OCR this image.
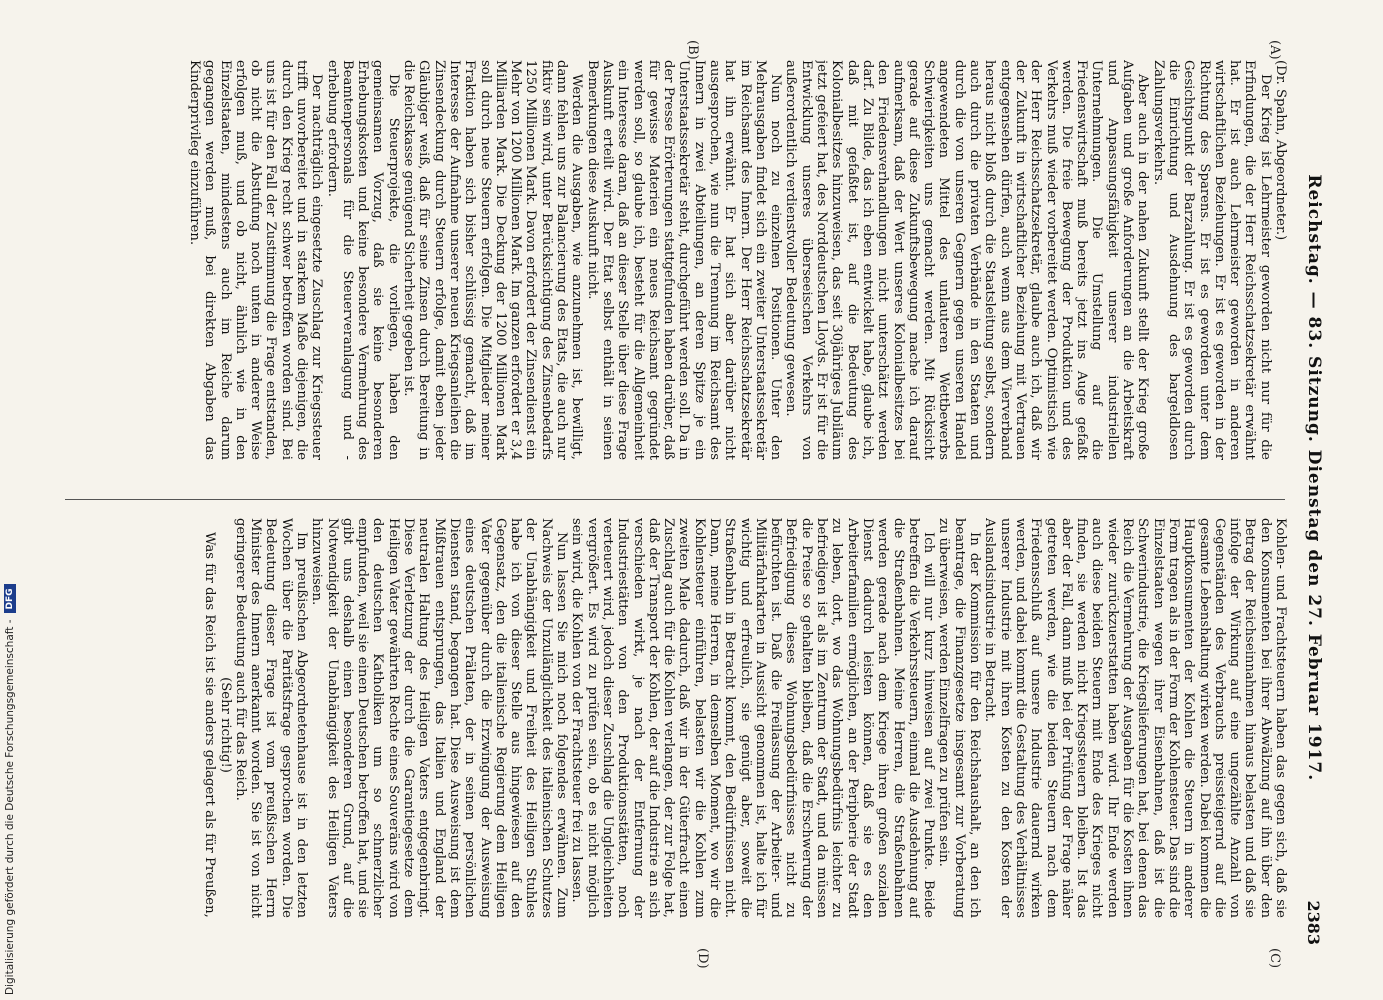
Reichstag. — 83. Sitzung. Dienstag den 27. Februar 1917.
2383
(A)
(B)
(C)
(D)

(Dr. Spahn, Abgeordneter.)

Der Krieg ist Lehrmeister geworden nicht nur für die Erfindungen, die der Herr Reichsschatzsekretär erwähnt hat. Er ist auch Lehrmeister geworden in anderen wirtschaftlichen Beziehungen. Er ist es geworden in der Richtung des Sparens. Er ist es geworden unter dem Gesichtspunkt der Barzahlung. Er ist es geworden durch die Einrichtung und Ausdehnung des bargeldlosen Zahlungsverkehrs.

Aber auch in der nahen Zukunft stellt der Krieg große Aufgaben und große Anforderungen an die Arbeitskraft und Anpassungsfähigkeit unserer industriellen Unternehmungen. Die Umstellung auf die Friedenswirtschaft muß bereits jetzt ins Auge gefaßt werden. Die freie Bewegung der Produktion und des Verkehrs muß wieder vorbereitet werden. Optimistisch wie der Herr Reichsschatzsekretär, glaube auch ich, daß wir der Zukunft in wirtschaftlicher Beziehung mit Vertrauen entgegensehen dürfen, auch wenn aus dem Vierverband heraus nicht bloß durch die Staatsleitung selbst, sondern auch durch die privaten Verbände in den Staaten und durch die von unseren Gegnern gegen unseren Handel angewendeten Mittel des unlauteren Wettbewerbs Schwierigkeiten uns gemacht werden. Mit Rücksicht gerade auf diese Zukunftsbewegung mache ich darauf aufmerksam, daß der Wert unseres Kolonialbesitzes bei den Friedensverhandlungen nicht unterschätzt werden darf. Zu Bilde, das ich eben entwickelt habe, glaube ich, daß mit gefaßtet ist, auf die Bedeutung des Kolonialbesitzes hinzuweisen, das seit 30jähriges Jubiläum jetzt gefeiert hat, des Norddeutschen Lloyds. Er ist für die Entwicklung unseres überseeischen Verkehrs von außerordentlich verdienstvoller Bedeutung gewesen.

Nun noch zu einzelnen Positionen. Unter den Mehrausgaben findet sich ein zweiter Unterstaatssekretär im Reichsamt des Innern. Der Herr Reichsschatzsekretär hat ihn erwähnt. Er hat sich aber darüber nicht ausgesprochen, wie nun die Trennung im Reichsamt des Innern in zwei Abteilungen, an deren Spitze je ein Unterstaatssekretär steht, durchgeführt werden soll. Da in der Presse Erörterungen stattgefunden haben darüber, daß für gewisse Materien ein neues Reichsamt gegründet werden soll, so glaube ich, besteht für die Allgemeinheit ein Interesse daran, daß an dieser Stelle über diese Frage Auskunft erteilt wird. Der Etat selbst enthält in seinen Bemerkungen diese Auskunft nicht.

Werden die Ausgaben, wie anzunehmen ist, bewilligt, dann fehlen uns zur Balancierung des Etats, die auch nur fiktiv sein wird, unter Berücksichtigung des Zinsenbedarfs 1250 Millionen Mark. Davon erfordert der Zinsendienst ein Mehr von 1200 Millionen Mark. Im ganzen erfordert er 3,4 Milliarden Mark. Die Deckung der 1200 Millionen Mark soll durch neue Steuern erfolgen. Die Mitglieder meiner Fraktion haben sich bisher schlüssig gemacht, daß im Interesse der Aufnahme unserer neuen Kriegsanleihen die Zinsendeckung durch Steuern erfolge, damit eben jeder Gläubiger weiß, daß für seine Zinsen durch Bereitung in die Reichskasse genügend Sicherheit gegeben ist.

Die Steuerprojekte, die vorliegen, haben den gemeinsamen Vorzug, daß sie keine besonderen Erhebungskosten und keine besondere Vermehrung des Beamtenpersonals für die Steuerveranlagung und -erhebung erfordern.

Der nachträglich eingesetzte Zuschlag zur Kriegssteuer trifft unvorbereitet und in starkem Maße diejenigen, die durch den Krieg recht schwer betroffen worden sind. Bei uns ist für den Fall der Zustimmung die Frage entstanden, ob nicht die Abstufung noch unten in anderer Weise erfolgen muß, und ob nicht, ähnlich wie in den Einzelstaaten, mindestens auch im Reiche darum gegangen werden muß, bei direkten Abgaben das Kinderprivileg einzuführen.

Kohlen- und Frachtsteuern haben das gegen sich, daß sie den Konsumenten bei ihrer Abwälzung auf ihn über den Betrag der Reichseinnahmen hinaus belasten und daß sie infolge der Wirkung auf eine ungezählte Anzahl von Gegenständen des Verbrauchs preissteigernd auf die gesamte Lebenshaltung wirken werden. Dabei kommen die Hauptkonsumenten der Kohlen die Steuern in anderer Form tragen als in der Form der Kohlensteuer. Das sind die Einzelstaaten wegen ihrer Eisenbahnen, daß ist die Schwerindustrie, die Kriegslieferungen hat, bei denen das Reich die Vermehrung der Ausgaben für die Kosten ihnen wieder zurückzuerstatten haben wird. Ihr Ende werden auch diese beiden Steuern mit Ende des Krieges nicht finden, sie werden nicht Kriegssteuern bleiben. Ist das aber der Fall, dann muß bei der Prüfung der Frage näher getreten werden, wie die beiden Steuern nach dem Friedensschluß auf unsere Industrie dauernd wirken werden, und dabei kommt die Gestaltung des Verhältnisses unserer Industrie mit ihren Kosten zu den Kosten der Auslandsindustrie in Betracht.

In der Kommission für den Reichshaushalt, an den ich beantrage, die Finanzgesetze insgesamt zur Vorberatung zu überweisen, werden Einzelfragen zu prüfen sein.

Ich will nur kurz hinweisen auf zwei Punkte. Beide betreffen die Verkehrssteuern, einmal die Ausdehnung auf die Straßenbahnen. Meine Herren, die Straßenbahnen werden gerade nach dem Kriege ihren großen sozialen Dienst dadurch leisten können, daß sie es den Arbeiterfamilien ermöglichen, an der Peripherie der Stadt zu leben, dort, wo das Wohnungsbedürfnis leichter zu befriedigen ist als im Zentrum der Stadt, und da müssen die Preise so gehalten bleiben, daß die Erschwerung der Befriedigung dieses Wohnungsbedürfnisses nicht zu befürchten ist. Daß die Freilassung der Arbeiter- und Militärfahrkarten in Aussicht genommen ist, halte ich für wichtig und erfreulich, sie genügt aber, soweit die Straßenbahn in Betracht kommt, den Bedürfnissen nicht. Dann, meine Herren, in demselben Moment, wo wir die Kohlensteuer einführen, belasten wir die Kohlen zum zweiten Male dadurch, daß wir in der Güterfracht einen Zuschlag auch für die Kohlen verlangen, der zur Folge hat, daß der Transport der Kohlen, der auf die Industrie an sich verschieden wirkt, je nach der Entfernung der Industriestätten von den Produktionsstätten, noch verteuert wird, jedoch dieser Zuschlag die Ungleichheiten vergrößert. Es wird zu prüfen sein, ob es nicht möglich sein wird, die Kohlen von der Frachtsteuer frei zu lassen.

Nun lassen Sie mich noch folgendes erwähnen. Zum Nachweis der Unzulänglichkeit des italienischen Schutzes der Unabhängigkeit und Freiheit des Heiligen Stuhles habe ich von dieser Stelle aus hingewiesen auf den Gegensatz, den die italienische Regierung dem Heiligen Vater gegenüber durch die Erzwingung der Ausweisung eines deutschen Prälaten, der in seinen persönlichen Diensten stand, begangen hat. Diese Ausweisung ist dem Mißtrauen entsprungen, das Italien und England der neutralen Haltung des Heiligen Vaters entgegenbringt. Diese Verletzung der durch die Garantiegesetze dem Heiligen Vater gewährten Rechte eines Souveräns wird von den deutschen Katholiken um so schmerzlicher empfunden, weil sie einen Deutschen betroffen hat, und sie gibt uns deshalb einen besonderen Grund, auf die Notwendigkeit der Unabhängigkeit des Heiligen Vaters hinzuweisen.

Im preußischen Abgeordnetenhause ist in den letzten Wochen über die Paritätsfrage gesprochen worden. Die Bedeutung dieser Frage ist vom preußischen Herrn Minister des Innern anerkannt worden. Sie ist von nicht geringerer Bedeutung auch für das Reich.

(Sehr richtig!)

Was für das Reich ist sie anders gelagert als für Preußen,

Digitalisierung gefördert durch die Deutsche Forschungsgemeinschaft -
DFG
